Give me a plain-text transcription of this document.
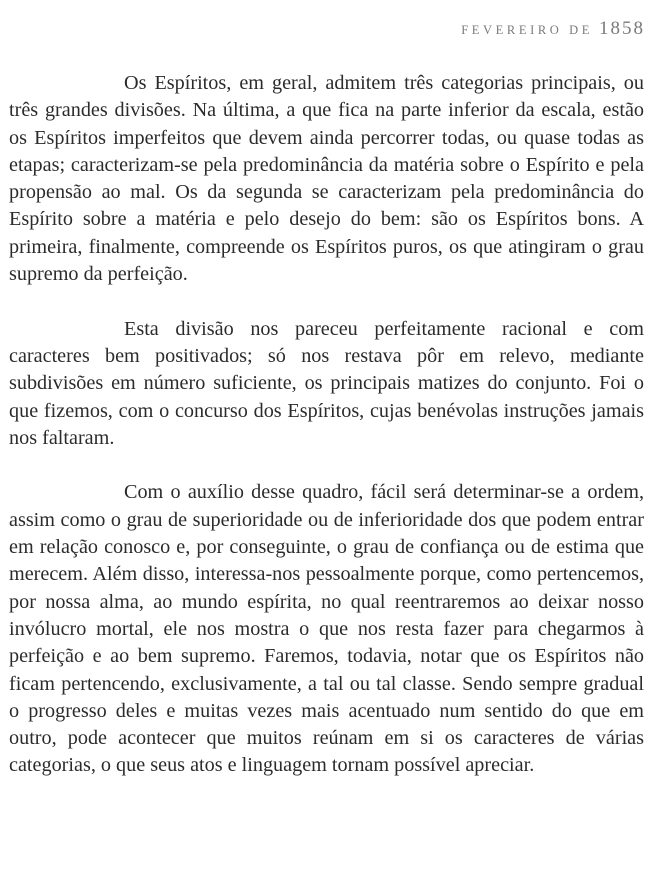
FEVEREIRO DE 1858

Os Espíritos, em geral, admitem três categorias principais, ou três grandes divisões. Na última, a que fica na parte inferior da escala, estão os Espíritos imperfeitos que devem ainda percorrer todas, ou quase todas as etapas; caracterizam-se pela predominância da matéria sobre o Espírito e pela propensão ao mal. Os da segunda se caracterizam pela predominância do Espírito sobre a matéria e pelo desejo do bem: são os Espíritos bons. A primeira, finalmente, compreende os Espíritos puros, os que atingiram o grau supremo da perfeição.

Esta divisão nos pareceu perfeitamente racional e com caracteres bem positivados; só nos restava pôr em relevo, mediante subdivisões em número suficiente, os principais matizes do conjunto. Foi o que fizemos, com o concurso dos Espíritos, cujas benévolas instruções jamais nos faltaram.

Com o auxílio desse quadro, fácil será determinar-se a ordem, assim como o grau de superioridade ou de inferioridade dos que podem entrar em relação conosco e, por conseguinte, o grau de confiança ou de estima que merecem. Além disso, interessa-nos pessoalmente porque, como pertencemos, por nossa alma, ao mundo espírita, no qual reentraremos ao deixar nosso invólucro mortal, ele nos mostra o que nos resta fazer para chegarmos à perfeição e ao bem supremo. Faremos, todavia, notar que os Espíritos não ficam pertencendo, exclusivamente, a tal ou tal classe. Sendo sempre gradual o progresso deles e muitas vezes mais acentuado num sentido do que em outro, pode acontecer que muitos reúnam em si os caracteres de várias categorias, o que seus atos e linguagem tornam possível apreciar.
